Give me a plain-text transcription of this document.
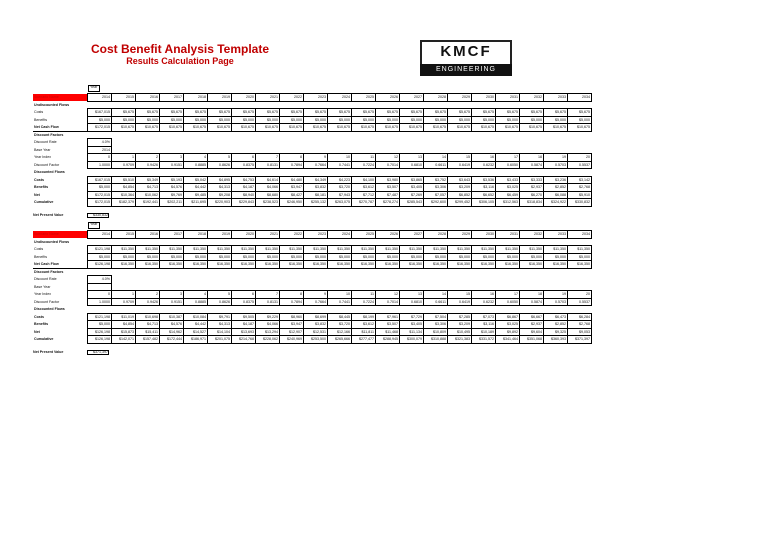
Cost Benefit Analysis Template
Results Calculation Page
KMCF
ENGINEERING
Year
Scenario Name	2014	2015	2016	2017	2018	2019	2020	2021	2022	2023	2024	2025	2026	2027	2028	2029	2030	2031	2032	2033	2034
Undiscounted Flows																					
Costs	$167,015	$5,675	$5,675	$5,675	$5,675	$5,675	$5,675	$5,675	$5,675	$5,675	$5,675	$5,675	$5,675	$5,675	$5,675	$5,675	$5,675	$5,675	$5,675	$5,675	$5,675
Benefits	$5,000	$5,000	$5,000	$5,000	$5,000	$5,000	$5,000	$5,000	$5,000	$5,000	$5,000	$5,000	$5,000	$5,000	$5,000	$5,000	$5,000	$5,000	$5,000	$5,000	$5,000
Net Cash Flow	$172,015	$10,675	$10,675	$10,675	$10,675	$10,675	$10,675	$10,675	$10,675	$10,675	$10,675	$10,675	$10,675	$10,675	$10,675	$10,675	$10,675	$10,675	$10,675	$10,675	$10,675
Discount Factors																					
Discount Rate	4.0%																				
Base Year	2014																				
Year Index	0	1	2	3	4	5	6	7	8	9	10	11	12	13	14	15	16	17	18	19	20
Discount Factor	1.0000	0.9709	0.9426	0.9151	0.8885	0.8626	0.8375	0.8131	0.7894	0.7664	0.7441	0.7224	0.7014	0.6810	0.6611	0.6419	0.6232	0.6050	0.5874	0.5703	0.5537
Discounted Flows																					
Costs	$167,015	$5,510	$5,349	$5,193	$5,042	$4,895	$4,753	$4,614	$4,480	$4,349	$4,223	$4,100	$3,980	$3,865	$3,752	$3,643	$3,536	$3,433	$3,333	$3,236	$3,142
Benefits	$5,000	$4,854	$4,713	$4,576	$4,442	$4,313	$4,187	$4,066	$3,947	$3,832	$3,720	$3,612	$3,507	$3,405	$3,306	$3,209	$3,116	$3,025	$2,937	$2,852	$2,768
Net	$172,015	$10,364	$10,062	$9,769	$9,485	$9,208	$8,940	$8,680	$8,427	$8,181	$7,943	$7,712	$7,487	$7,269	$7,057	$6,852	$6,652	$6,459	$6,270	$6,088	$5,910
Cumulative	$172,015	$182,379	$192,441	$202,211	$211,695	$220,903	$229,843	$238,523	$246,950	$255,132	$263,075	$270,787	$278,274	$285,543	$292,600	$299,452	$306,105	$312,563	$318,834	$324,922	$330,832
Net Present Value	$330,832
Year
Scenario Name	2014	2015	2016	2017	2018	2019	2020	2021	2022	2023	2024	2025	2026	2027	2028	2029	2030	2031	2032	2033	2034
Undiscounted Flows																					
Costs	$121,198	$11,350	$11,350	$11,350	$11,350	$11,350	$11,350	$11,350	$11,350	$11,350	$11,350	$11,350	$11,350	$11,350	$11,350	$11,350	$11,350	$11,350	$11,350	$11,350	$11,350
Benefits	$5,000	$5,000	$5,000	$5,000	$5,000	$5,000	$5,000	$5,000	$5,000	$5,000	$5,000	$5,000	$5,000	$5,000	$5,000	$5,000	$5,000	$5,000	$5,000	$5,000	$5,000
Net Cash Flow	$126,198	$16,350	$16,350	$16,350	$16,350	$16,350	$16,350	$16,350	$16,350	$16,350	$16,350	$16,350	$16,350	$16,350	$16,350	$16,350	$16,350	$16,350	$16,350	$16,350	$16,350
Discount Factors																					
Discount Rate	4.0%																				
Base Year																					
Year Index	0	1	2	3	4	5	6	7	8	9	10	11	12	13	14	15	16	17	18	19	20
Discount Factor	1.0000	0.9709	0.9426	0.9151	0.8885	0.8626	0.8375	0.8131	0.7894	0.7664	0.7441	0.7224	0.7014	0.6810	0.6611	0.6419	0.6232	0.6050	0.5874	0.5703	0.5537
Discounted Flows																					
Costs	$121,198	$11,019	$10,698	$10,387	$10,084	$9,791	$9,505	$9,229	$8,960	$8,699	$8,445	$8,199	$7,961	$7,729	$7,504	$7,285	$7,073	$6,867	$6,667	$6,473	$6,284
Benefits	$5,000	$4,854	$4,713	$4,576	$4,442	$4,313	$4,187	$4,066	$3,947	$3,832	$3,720	$3,612	$3,507	$3,405	$3,306	$3,209	$3,116	$3,025	$2,937	$2,852	$2,768
Net	$126,198	$15,873	$15,411	$14,962	$14,527	$14,104	$13,693	$13,294	$12,907	$12,531	$12,166	$11,811	$11,468	$11,134	$10,809	$10,495	$10,189	$9,892	$9,604	$9,325	$9,053
Cumulative	$126,198	$142,071	$157,482	$172,444	$186,971	$201,075	$214,768	$228,062	$240,969	$253,500	$265,666	$277,477	$288,945	$300,079	$310,888	$321,383	$331,572	$341,464	$351,068	$360,393	$371,397
Net Present Value	$371,397
